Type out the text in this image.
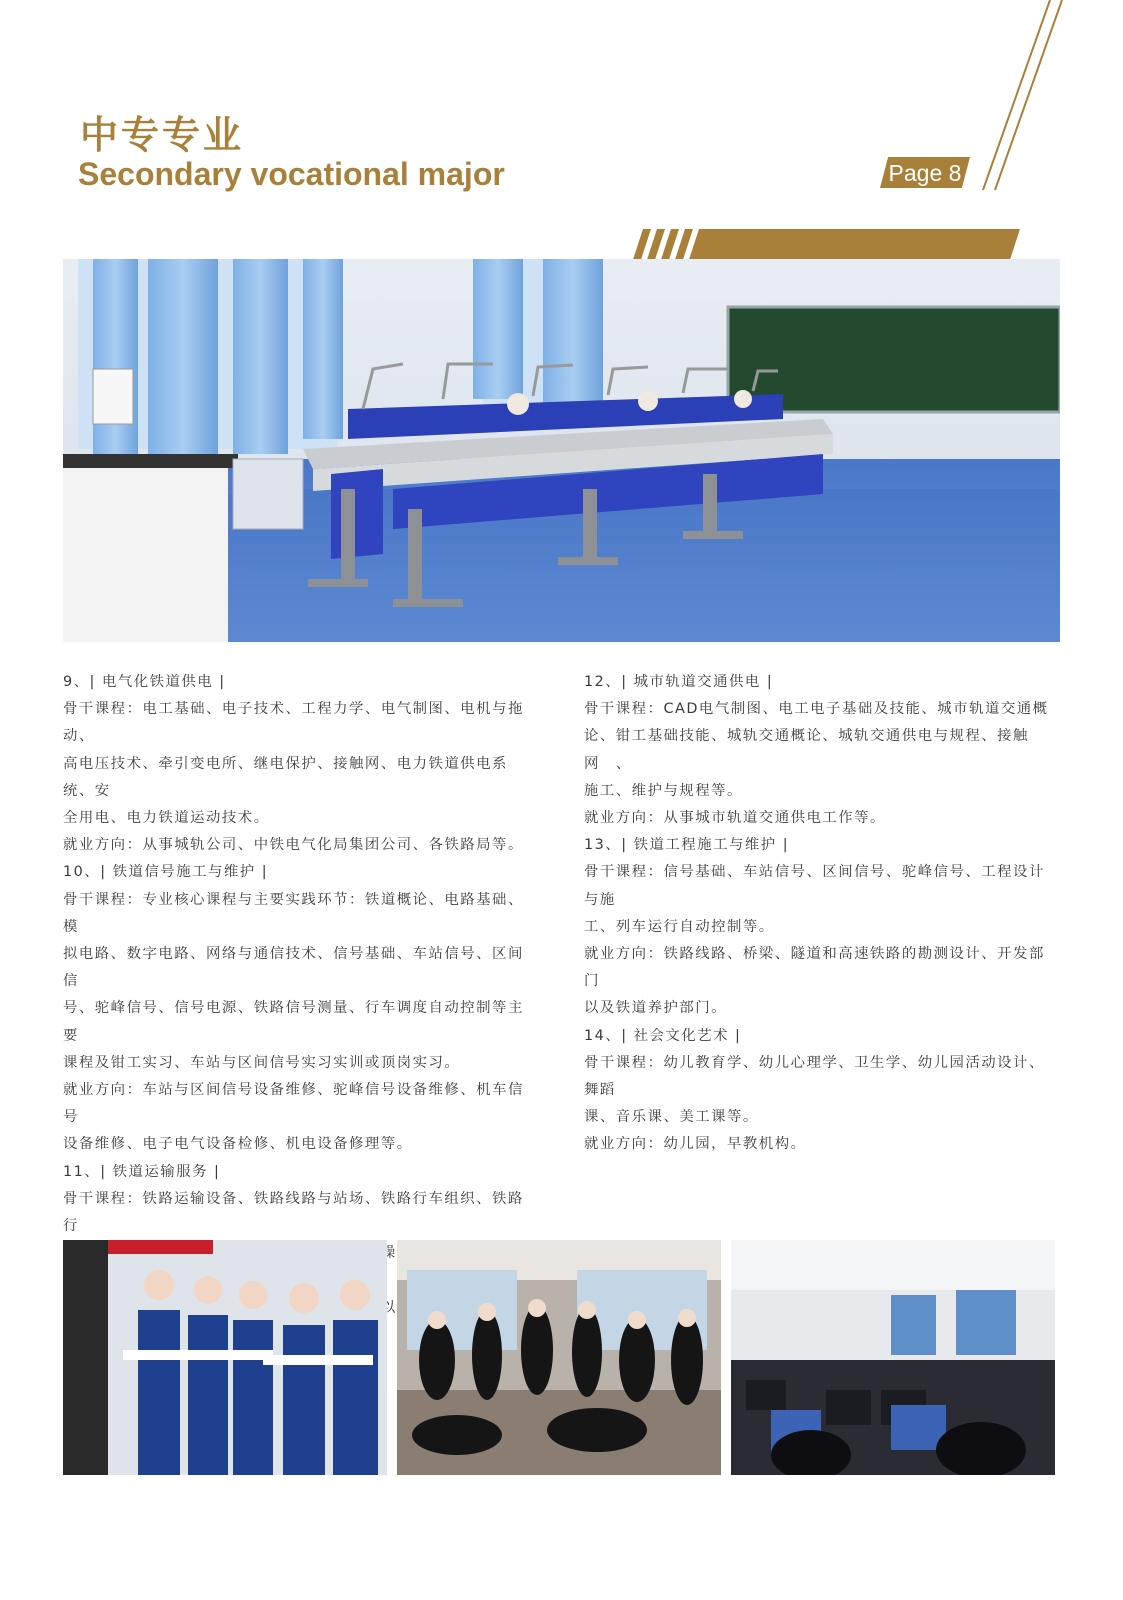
中专专业
Secondary vocational major	Page 8

9、| 电气化铁道供电 |

骨干课程：电工基础、电子技术、工程力学、电气制图、电机与拖动、

高电压技术、牵引变电所、继电保护、接触网、电力铁道供电系统、安

全用电、电力铁道运动技术。

就业方向：从事城轨公司、中铁电气化局集团公司、各铁路局等。

10、| 铁道信号施工与维护 |

骨干课程：专业核心课程与主要实践环节：铁道概论、电路基础、模

拟电路、数字电路、网络与通信技术、信号基础、车站信号、区间信

号、驼峰信号、信号电源、铁路信号测量、行车调度自动控制等主要

课程及钳工实习、车站与区间信号实习实训或顶岗实习。

就业方向：车站与区间信号设备维修、驼峰信号设备维修、机车信号

设备维修、电子电气设备检修、机电设备修理等。

11、| 铁道运输服务 |

骨干课程：铁路运输设备、铁路线路与站场、铁路行车组织、铁路行

12、| 城市轨道交通供电 |

骨干课程：CAD电气制图、电工电子基础及技能、城市轨道交通概

论、钳工基础技能、城轨交通概论、城轨交通供电与规程、接触网　、

施工、维护与规程等。

就业方向：从事城市轨道交通供电工作等。

13、| 铁道工程施工与维护 |

骨干课程：信号基础、车站信号、区间信号、驼峰信号、工程设计与施

工、列车运行自动控制等。

就业方向：铁路线路、桥梁、隧道和高速铁路的勘测设计、开发部门

以及铁道养护部门。

14、| 社会文化艺术 |

骨干课程：幼儿教育学、幼儿心理学、卫生学、幼儿园活动设计、舞蹈

课、音乐课、美工课等。

就业方向：幼儿园，早教机构。
